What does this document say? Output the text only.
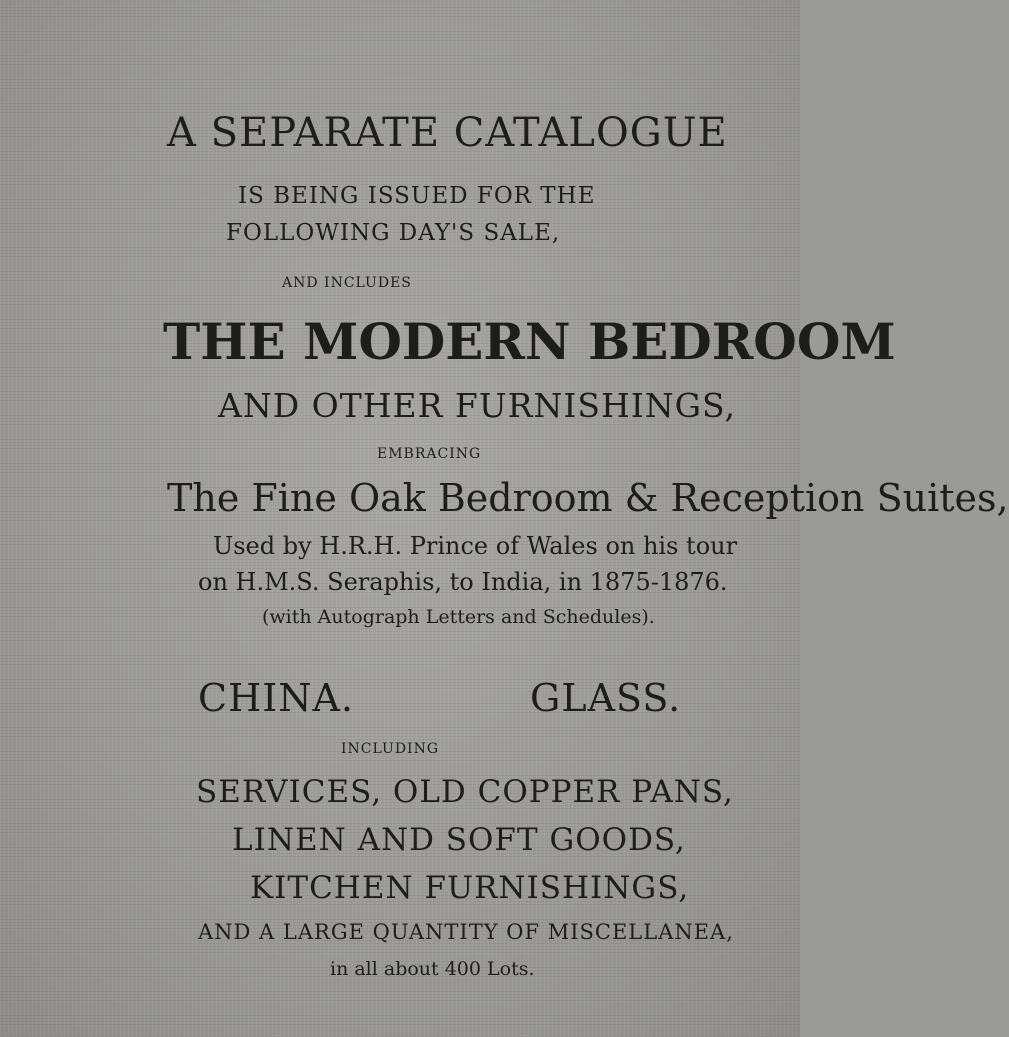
A SEPARATE CATALOGUE
IS BEING ISSUED FOR THE
FOLLOWING DAY'S SALE,
AND INCLUDES
THE MODERN BEDROOM
AND OTHER FURNISHINGS,
EMBRACING
The Fine Oak Bedroom & Reception Suites,
Used by H.R.H. Prince of Wales on his tour
on H.M.S. Seraphis, to India, in 1875-1876.
(with Autograph Letters and Schedules).
CHINA.	GLASS.
INCLUDING
SERVICES, OLD COPPER PANS,
LINEN AND SOFT GOODS,
KITCHEN FURNISHINGS,
AND A LARGE QUANTITY OF MISCELLANEA,
in all about 400 Lots.
